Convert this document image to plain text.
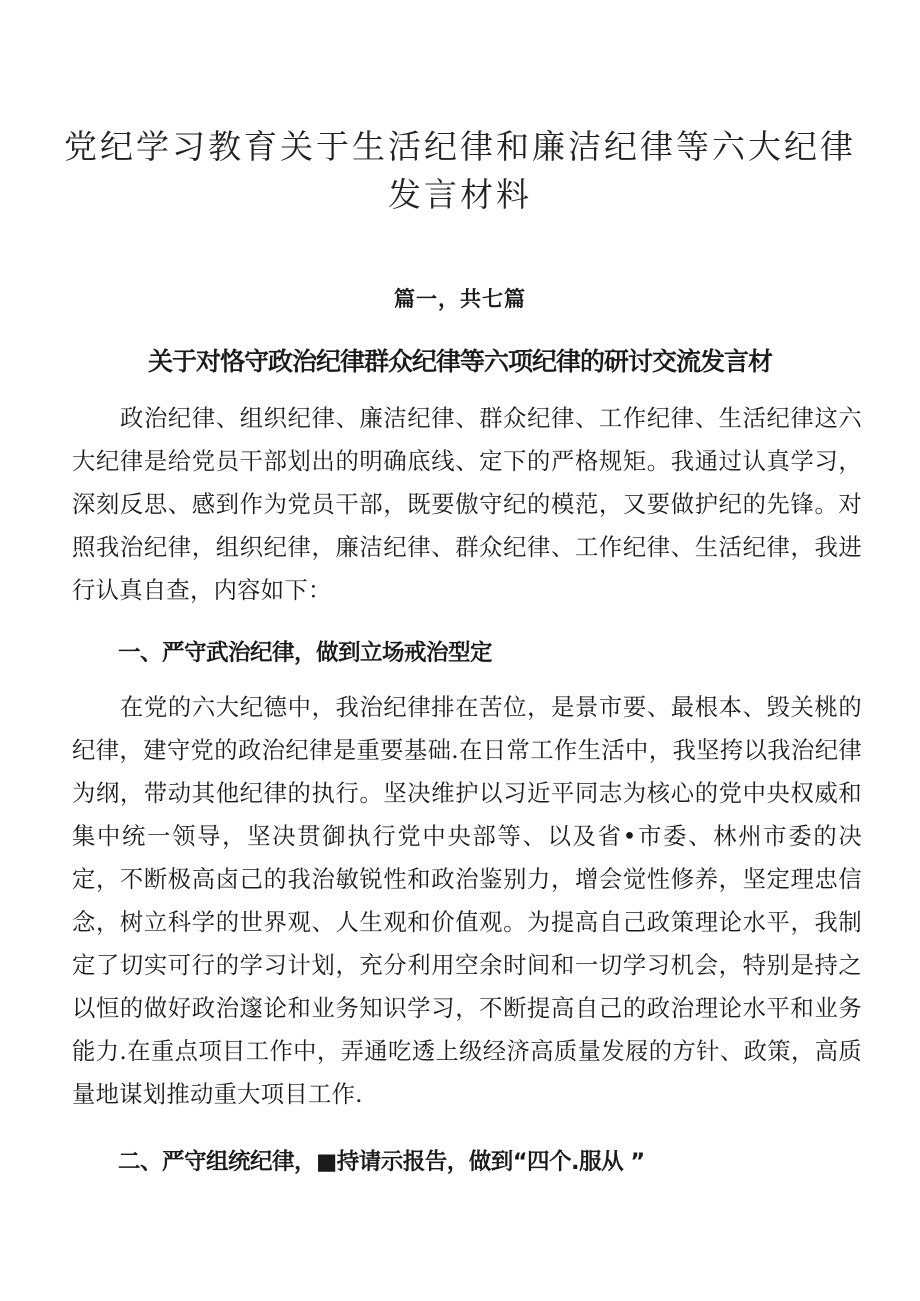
党纪学习教育关于生活纪律和廉洁纪律等六大纪律
发言材料
篇一，共七篇
关于对恪守政治纪律群众纪律等六项纪律的研讨交流发言材

政治纪律、组织纪律、廉洁纪律、群众纪律、工作纪律、生活纪律这六大纪律是给党员干部划出的明确底线、定下的严格规矩。我通过认真学习，深刻反思、感到作为党员干部，既要傲守纪的模范，又要做护纪的先锋。对照我治纪律，组织纪律，廉洁纪律、群众纪律、工作纪律、生活纪律，我进行认真自查，内容如下：

一、严守武治纪律，做到立场戒治型定

在党的六大纪德中，我治纪律排在苦位，是景市要、最根本、毁关桃的纪律，建守党的政治纪律是重要基础.在日常工作生活中，我坚挎以我治纪律为纲，带动其他纪律的执行。坚决维护以习近平同志为核心的党中央权威和集中统一领导，坚决贯御执行党中央部等、以及省•市委、林州市委的决定，不断极高卤己的我治敏锐性和政治鉴别力，增会觉性修养，坚定理忠信念，树立科学的世界观、人生观和价值观。为提高自己政策理论水平，我制定了切实可行的学习计划，充分利用空余时间和一切学习机会，特别是持之以恒的做好政治邃论和业务知识学习，不断提高自己的政治理论水平和业务能力.在重点项目工作中，弄通吃透上级经济高质量发屐的方针、政策，高质量地谋划推动重大项目工作.

二、严守组统纪律，■持请示报告，做到“四个.服从 ”
